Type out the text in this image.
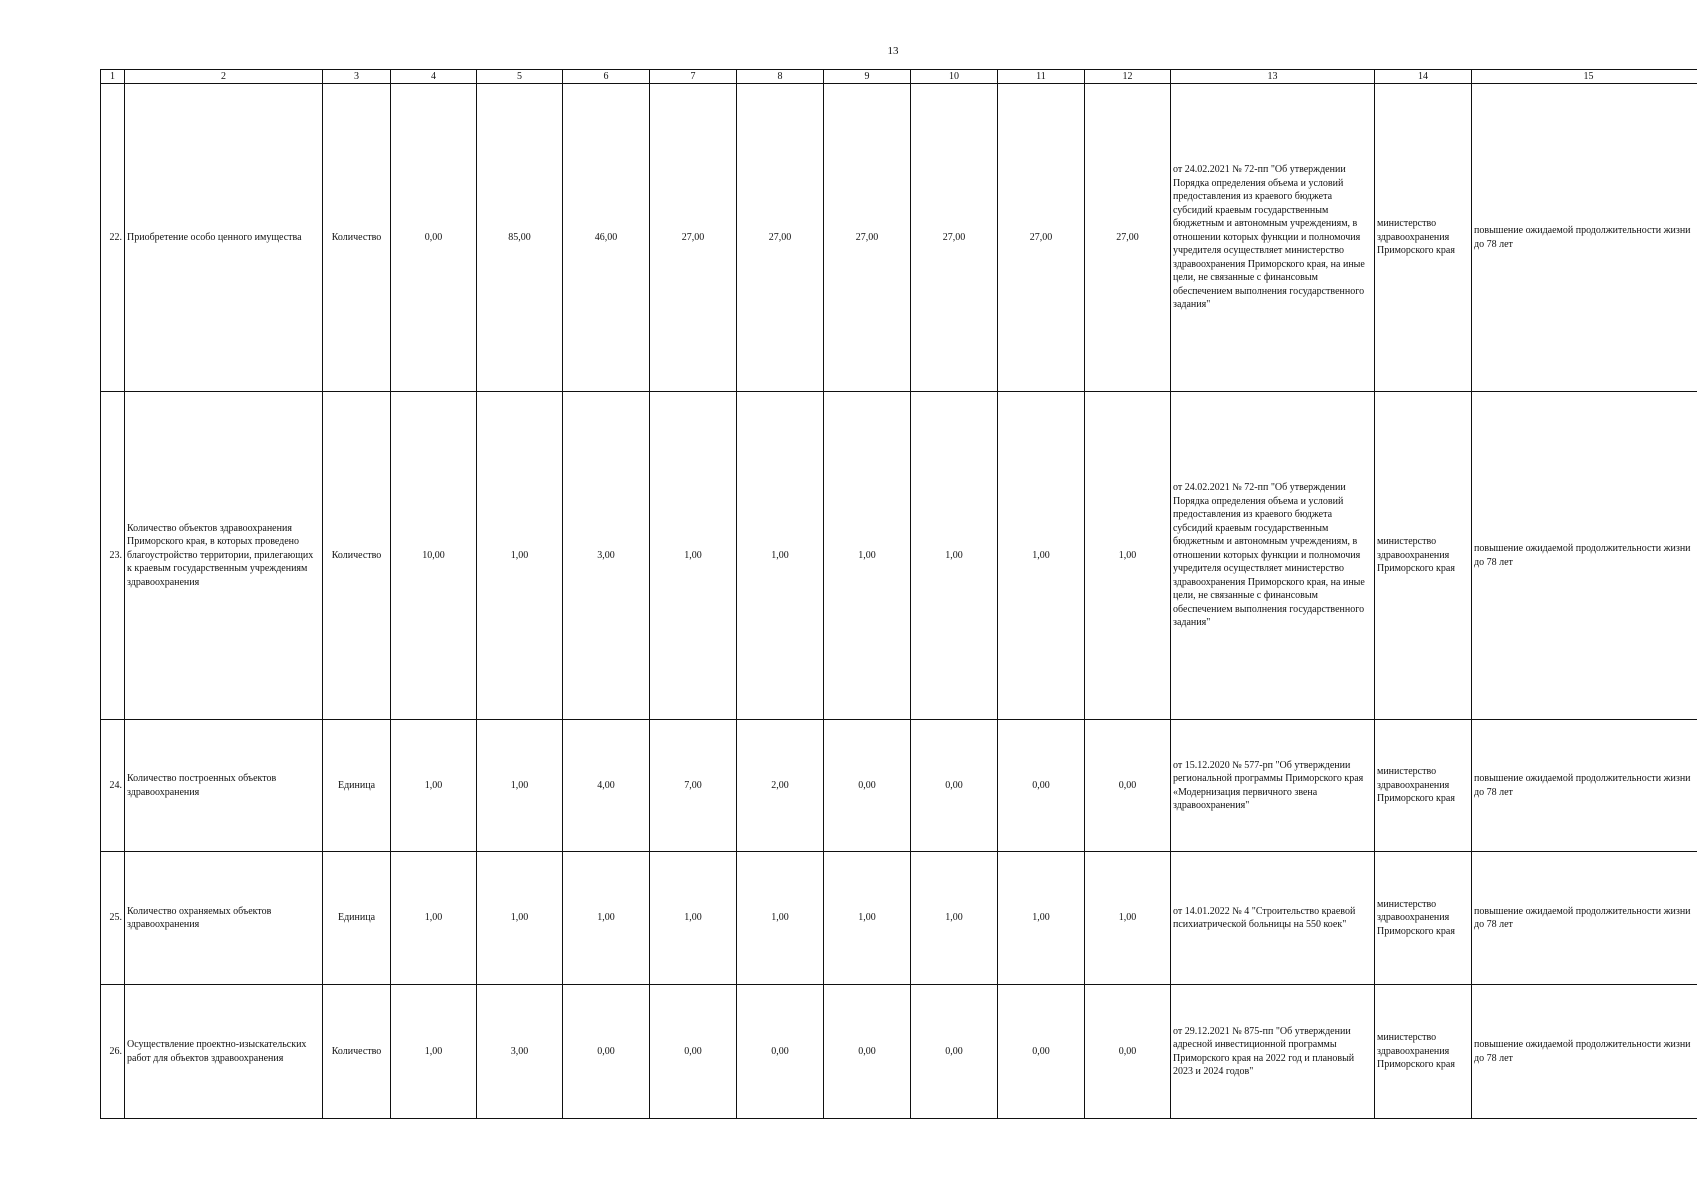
13
1	2	3	4	5	6	7	8	9	10	11	12	13	14	15
22.	Приобретение особо ценного имущества	Количество	0,00	85,00	46,00	27,00	27,00	27,00	27,00	27,00	27,00	от 24.02.2021 № 72-пп "Об утверждении Порядка определения объема и условий предоставления из краевого бюджета субсидий краевым государственным бюджетным и автономным учреждениям, в отношении которых функции и полномочия учредителя осуществляет министерство здравоохранения Приморского края, на иные цели, не связанные с финансовым обеспечением выполнения государственного задания"	министерство здравоохранения Приморского края	повышение ожидаемой продолжительности жизни до 78 лет
23.	Количество объектов здравоохранения Приморского края, в которых проведено благоустройство территории, прилегающих к краевым государственным учреждениям здравоохранения	Количество	10,00	1,00	3,00	1,00	1,00	1,00	1,00	1,00	1,00	от 24.02.2021 № 72-пп "Об утверждении Порядка определения объема и условий предоставления из краевого бюджета субсидий краевым государственным бюджетным и автономным учреждениям, в отношении которых функции и полномочия учредителя осуществляет министерство здравоохранения Приморского края, на иные цели, не связанные с финансовым обеспечением выполнения государственного задания"	министерство здравоохранения Приморского края	повышение ожидаемой продолжительности жизни до 78 лет
24.	Количество построенных объектов здравоохранения	Единица	1,00	1,00	4,00	7,00	2,00	0,00	0,00	0,00	0,00	от 15.12.2020 № 577-рп "Об утверждении региональной программы Приморского края «Модернизация первичного звена здравоохранения"	министерство здравоохранения Приморского края	повышение ожидаемой продолжительности жизни до 78 лет
25.	Количество охраняемых объектов здравоохранения	Единица	1,00	1,00	1,00	1,00	1,00	1,00	1,00	1,00	1,00	от 14.01.2022 № 4 "Строительство краевой психиатрической больницы на 550 коек"	министерство здравоохранения Приморского края	повышение ожидаемой продолжительности жизни до 78 лет
26.	Осуществление проектно-изыскательских работ для объектов здравоохранения	Количество	1,00	3,00	0,00	0,00	0,00	0,00	0,00	0,00	0,00	от 29.12.2021 № 875-пп "Об утверждении адресной инвестиционной программы Приморского края на 2022 год и плановый 2023 и 2024 годов"	министерство здравоохранения Приморского края	повышение ожидаемой продолжительности жизни до 78 лет
